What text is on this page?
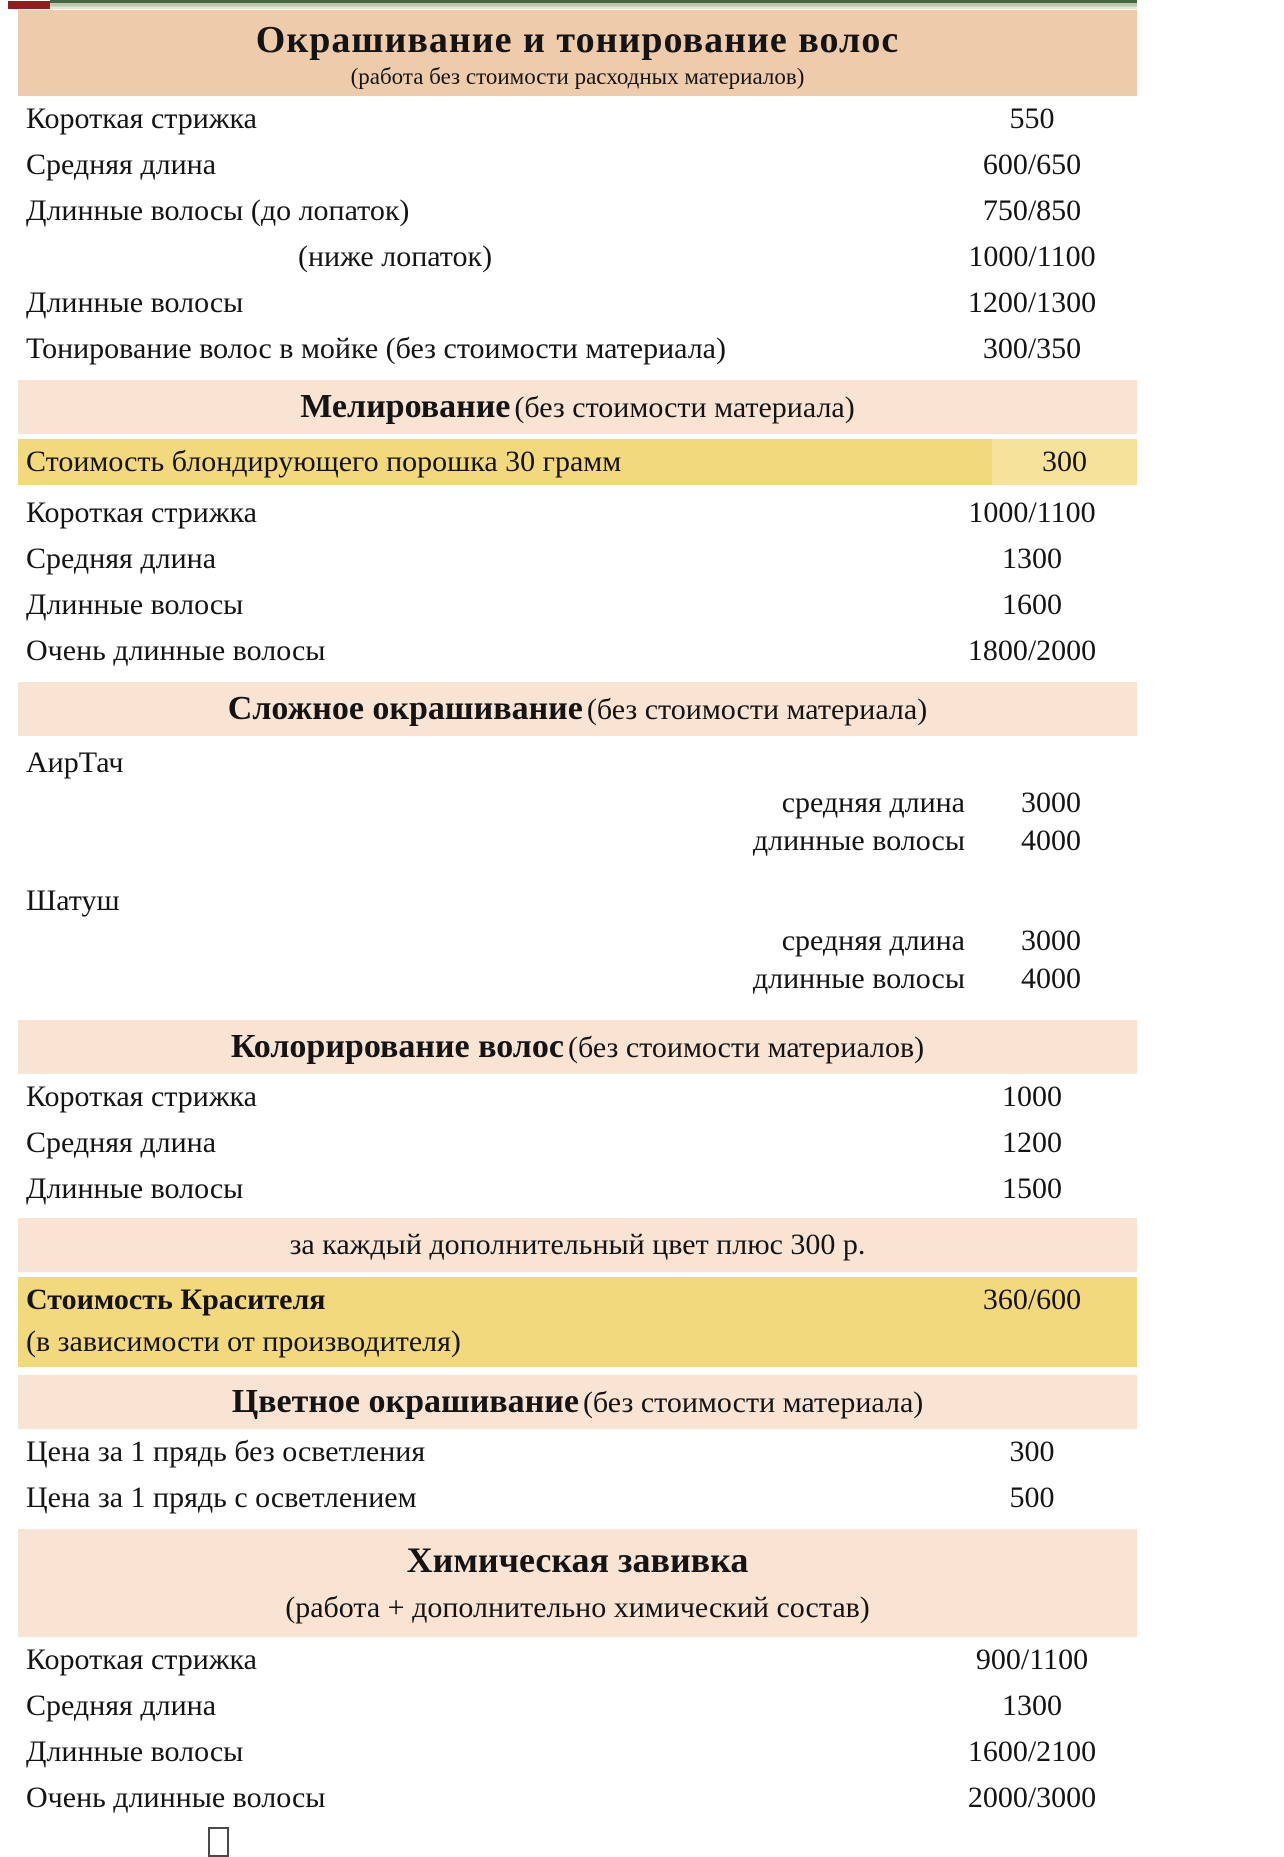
Окрашивание и тонирование волос
(работа без стоимости расходных материалов)
Короткая стрижка	550
Средняя длина	600/650
Длинные волосы (до лопаток)	750/850
(ниже лопаток)	1000/1100
Длинные волосы	1200/1300
Тонирование волос в мойке (без стоимости материала)	300/350
Мелирование (без стоимости материала)
Стоимость блондирующего порошка 30 грамм	300
Короткая стрижка	1000/1100
Средняя длина	1300
Длинные волосы	1600
Очень длинные волосы	1800/2000
Сложное окрашивание (без стоимости материала)
АирТач
средняя длина	3000
длинные волосы	4000
Шатуш
средняя длина	3000
длинные волосы	4000
Колорирование волос (без стоимости материалов)
Короткая стрижка	1000
Средняя длина	1200
Длинные волосы	1500
за каждый дополнительный цвет плюс 300 р.
Стоимость Красителя	360/600
(в зависимости от производителя)
Цветное окрашивание (без стоимости материала)
Цена за 1 прядь без осветления	300
Цена за 1 прядь с осветлением	500
Химическая завивка
(работа + дополнительно химический состав)
Короткая стрижка	900/1100
Средняя длина	1300
Длинные волосы	1600/2100
Очень длинные волосы	2000/3000
